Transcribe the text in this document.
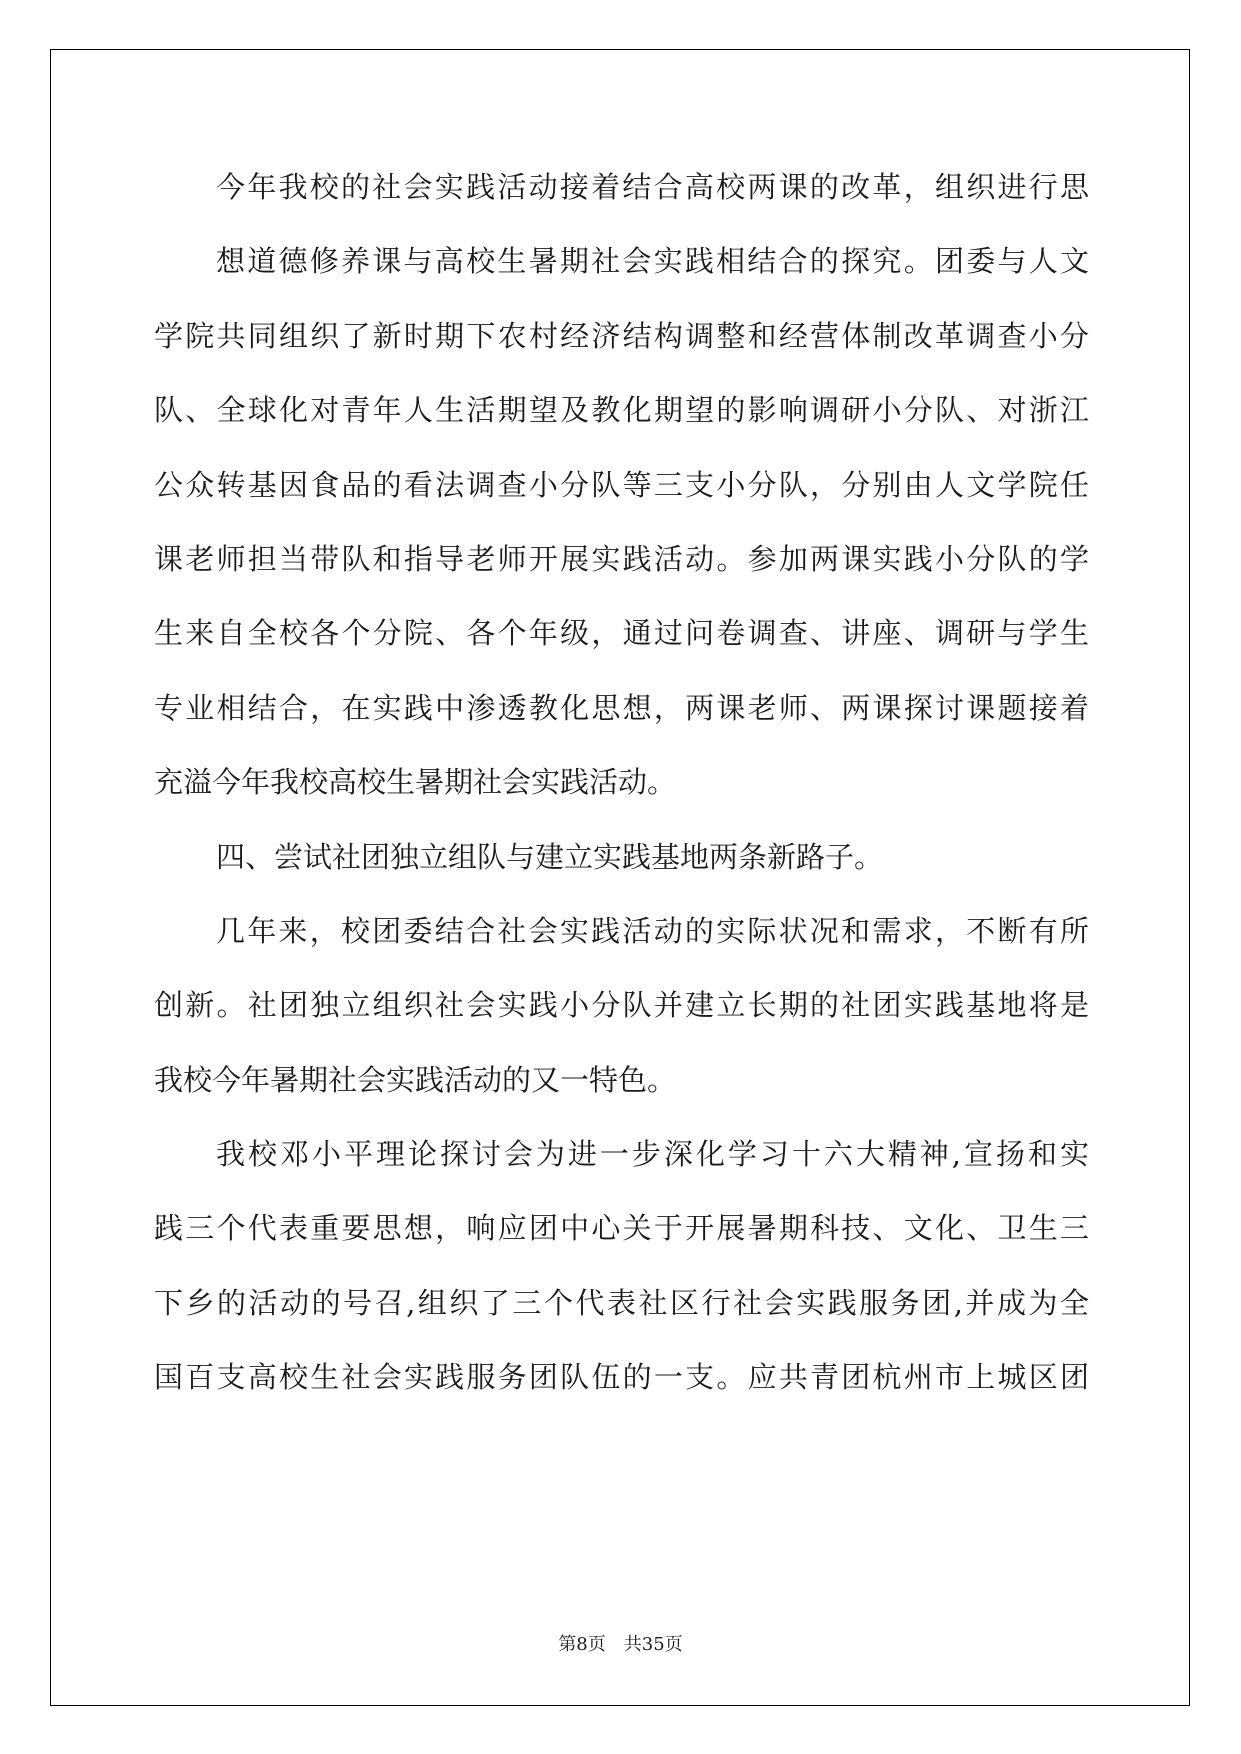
今年我校的社会实践活动接着结合高校两课的改革，组织进行思
想道德修养课与高校生暑期社会实践相结合的探究。团委与人文
学院共同组织了新时期下农村经济结构调整和经营体制改革调查小分
队、全球化对青年人生活期望及教化期望的影响调研小分队、对浙江
公众转基因食品的看法调查小分队等三支小分队，分别由人文学院任
课老师担当带队和指导老师开展实践活动。参加两课实践小分队的学
生来自全校各个分院、各个年级，通过问卷调查、讲座、调研与学生
专业相结合，在实践中渗透教化思想，两课老师、两课探讨课题接着
充溢今年我校高校生暑期社会实践活动。
四、尝试社团独立组队与建立实践基地两条新路子。
几年来，校团委结合社会实践活动的实际状况和需求，不断有所
创新。社团独立组织社会实践小分队并建立长期的社团实践基地将是
我校今年暑期社会实践活动的又一特色。
我校邓小平理论探讨会为进一步深化学习十六大精神,宣扬和实
践三个代表重要思想，响应团中心关于开展暑期科技、文化、卫生三
下乡的活动的号召,组织了三个代表社区行社会实践服务团,并成为全
国百支高校生社会实践服务团队伍的一支。应共青团杭州市上城区团
第8页 共35页
